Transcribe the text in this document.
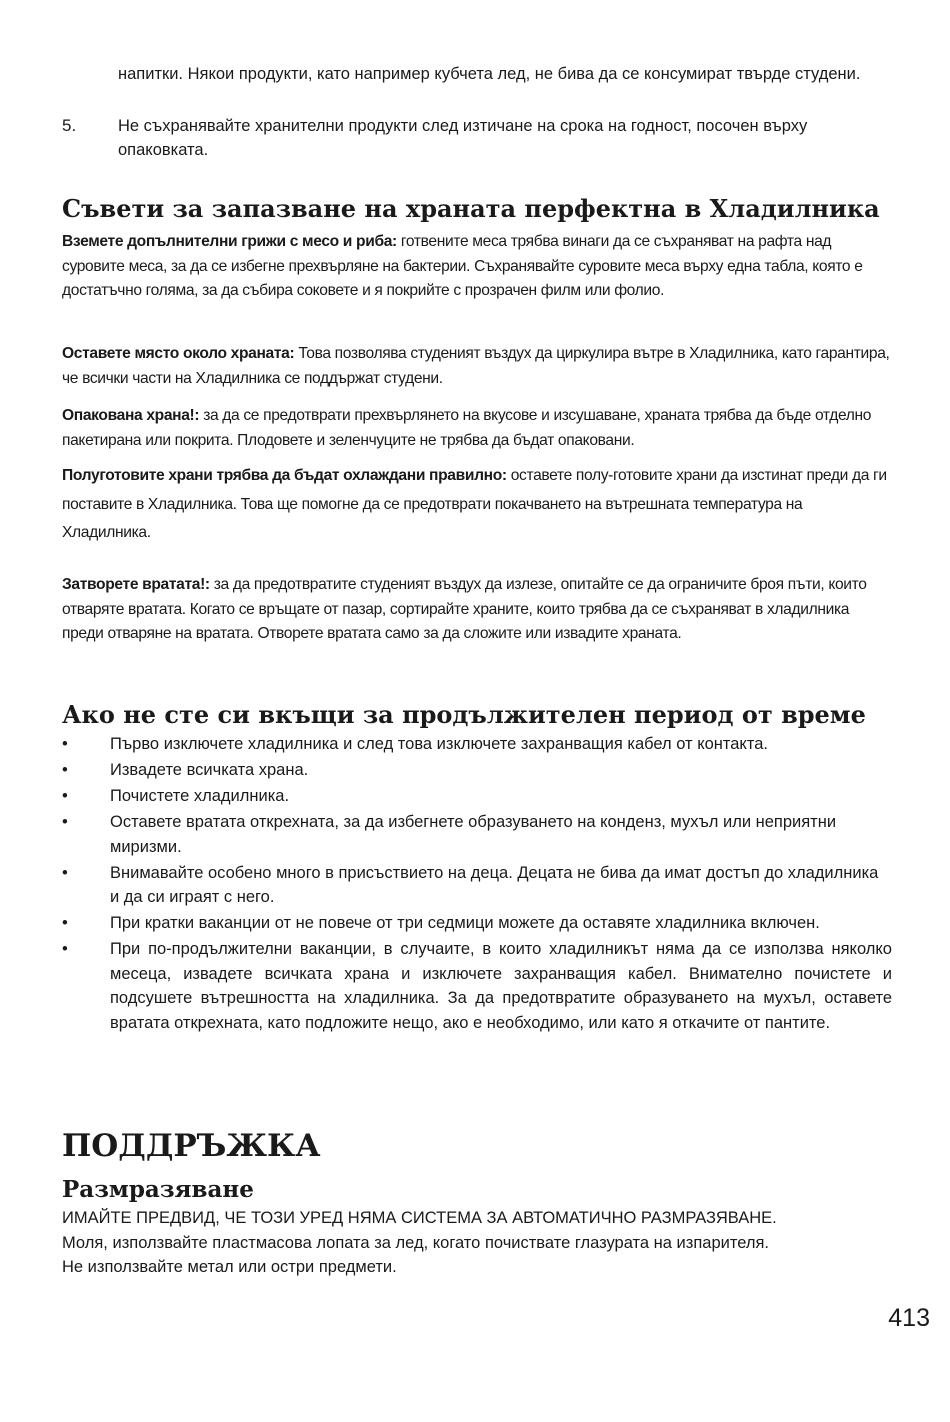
напитки. Някои продукти, като например кубчета лед, не бива да се консумират твърде студени.
5.	Не съхранявайте хранителни продукти след изтичане на срока на годност, посочен върху опаковката.
Съвети за запазване на храната перфектна в Хладилника
Вземете допълнителни грижи с месо и риба: готвените меса трябва винаги да се съхраняват на рафта над суровите меса, за да се избегне прехвърляне на бактерии. Съхранявайте суровите меса върху една табла, която е достатъчно голяма, за да събира соковете и я покрийте с прозрачен филм или фолио.
Оставете място около храната: Това позволява студеният въздух да циркулира вътре в Хладилника, като гарантира, че всички части на Хладилника се поддържат студени.
Опакована храна!: за да се предотврати прехвърлянето на вкусове и изсушаване, храната трябва да бъде отделно пакетирана или покрита. Плодовете и зеленчуците не трябва да бъдат опаковани.
Полуготовите храни трябва да бъдат охлаждани правилно: оставете полу-готовите храни да изстинат преди да ги поставите в Хладилника. Това ще помогне да се предотврати покачването на вътрешната температура на Хладилника.
Затворете вратата!: за да предотвратите студеният въздух да излезе, опитайте се да ограничите броя пъти, които отваряте вратата. Когато се връщате от пазар, сортирайте храните, които трябва да се съхраняват в хладилника преди отваряне на вратата. Отворете вратата само за да сложите или извадите храната.
Ако не сте си вкъщи за продължителен период от време
•	Първо изключете хладилника и след това изключете захранващия кабел от контакта.
•	Извадете всичката храна.
•	Почистете хладилника.
•	Оставете вратата открехната, за да избегнете образуването на конденз, мухъл или неприятни миризми.
•	Внимавайте особено много в присъствието на деца. Децата не бива да имат достъп до хладилника и да си играят с него.
•	При кратки ваканции от не повече от три седмици можете да оставяте хладилника включен.
•	При по-продължителни ваканции, в случаите, в които хладилникът няма да се използва няколко месеца, извадете всичката храна и изключете захранващия кабел. Внимателно почистете и подсушете вътрешността на хладилника. За да предотвратите образуването на мухъл, оставете вратата открехната, като подложите нещо, ако е необходимо, или като я откачите от пантите.
ПОДДРЪЖКА
Размразяване
ИМАЙТЕ ПРЕДВИД, ЧЕ ТОЗИ УРЕД НЯМА СИСТЕМА ЗА АВТОМАТИЧНО РАЗМРАЗЯВАНЕ.
Моля, използвайте пластмасова лопата за лед, когато почиствате глазурата на изпарителя.
Не използвайте метал или остри предмети.
413
